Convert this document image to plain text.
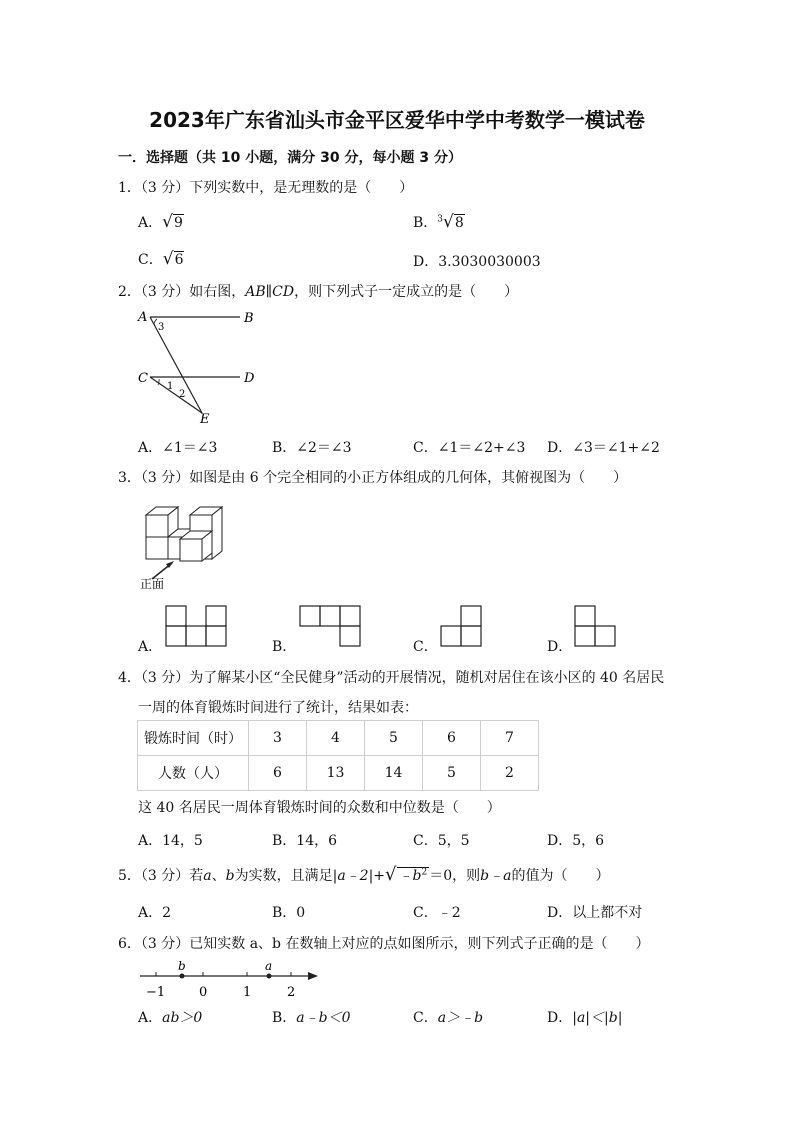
2023年广东省汕头市金平区爱华中学中考数学一模试卷
一．选择题（共 10 小题，满分 30 分，每小题 3 分）
1．（3 分）下列实数中，是无理数的是（　　）
A．√9	B．$^3$√8
C．√6	D．3.3030030003
2．（3 分）如右图，AB∥CD，则下列式子一定成立的是（　　）
A	B
C	D
E
1
2
3
A．∠1＝∠3	B．∠2＝∠3	C．∠1＝∠2+∠3 D．∠3＝∠1+∠2
3．（3 分）如图是由 6 个完全相同的小正方体组成的几何体，其俯视图为（　　）
正面
A．	B．	C．	D．
4．（3 分）为了解某小区“全民健身”活动的开展情况，随机对居住在该小区的 40 名居民
一周的体育锻炼时间进行了统计，结果如表：
锻炼时间（时）	3	4	5	6	7
人数（人）	6	13	14	5	2
这 40 名居民一周体育锻炼时间的众数和中位数是（　　）
A．14，5	B．14，6	C．5，5	D．5，6
5．（3 分）若a、b为实数，且满足|a﹣2|+√ $﹣b^2 =0$，则b﹣a的值为（　　）
A．2	B．0	C．﹣2	D．以上都不对
6．（3 分）已知实数 a、b 在数轴上对应的点如图所示，则下列式子正确的是（　　）
b	a
−1	0	1	2
A．ab＞0	B．a﹣b＜0	C．a＞﹣b	D．|a|＜|b|
